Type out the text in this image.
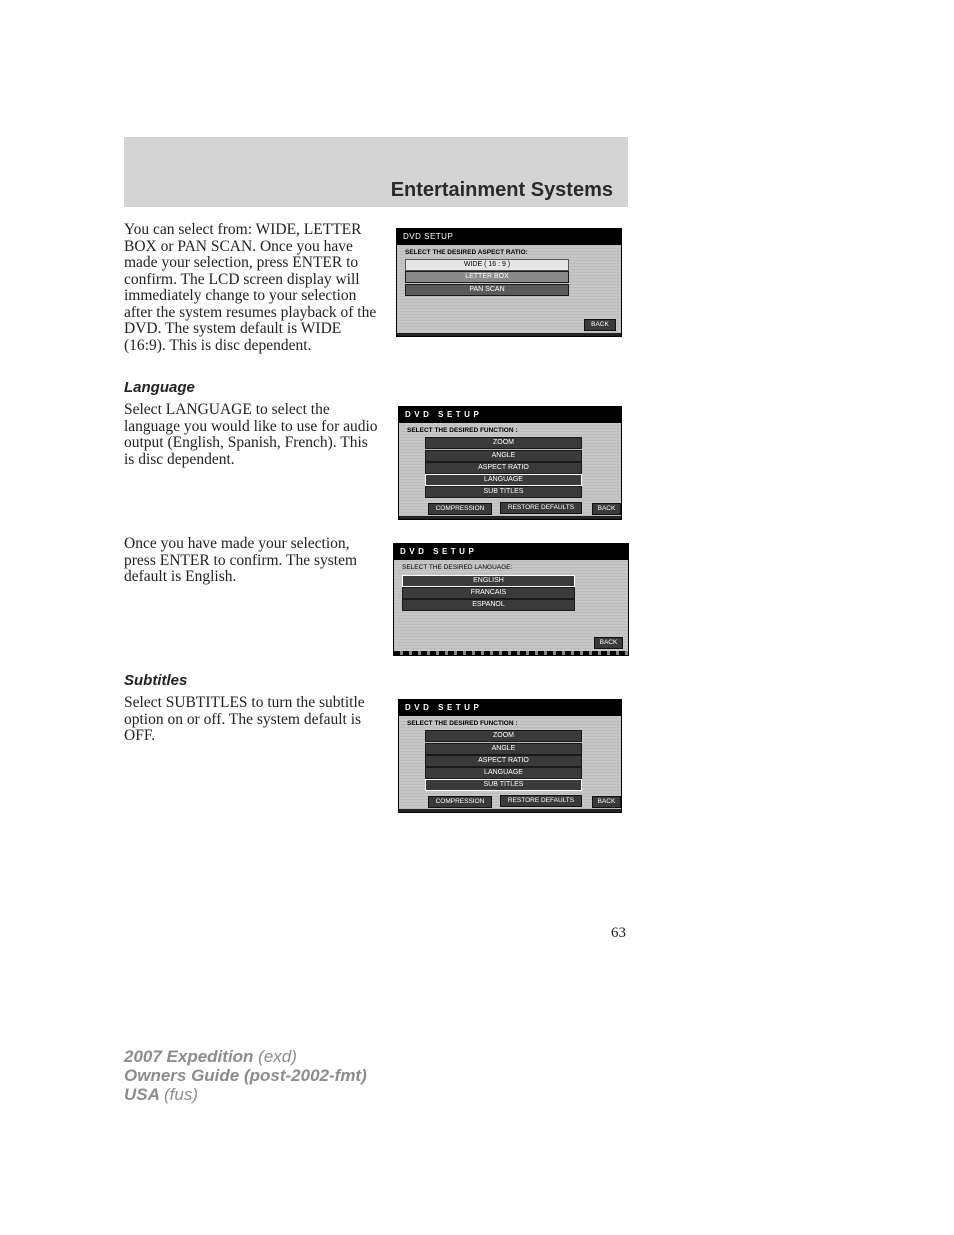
Entertainment Systems
You can select from: WIDE, LETTER BOX or PAN SCAN. Once you have made your selection, press ENTER to confirm. The LCD screen display will immediately change to your selection after the system resumes playback of the DVD. The system default is WIDE (16:9). This is disc dependent.
DVD SETUP
SELECT THE DESIRED ASPECT RATIO:
WIDE ( 16 : 9 )
LETTER BOX
PAN SCAN
BACK
Language
Select LANGUAGE to select the language you would like to use for audio output (English, Spanish, French). This is disc dependent.
DVD SETUP
SELECT THE DESIRED FUNCTION :
ZOOM
ANGLE
ASPECT RATIO
LANGUAGE
SUB TITLES
COMPRESSION	RESTORE DEFAULTS	BACK
Once you have made your selection, press ENTER to confirm. The system default is English.
DVD SETUP
SELECT THE DESIRED LANGUAGE:
ENGLISH
FRANCAIS
ESPANOL
BACK
Subtitles
Select SUBTITLES to turn the subtitle option on or off. The system default is OFF.
DVD SETUP
SELECT THE DESIRED FUNCTION :
ZOOM
ANGLE
ASPECT RATIO
LANGUAGE
SUB TITLES
COMPRESSION	RESTORE DEFAULTS	BACK
63
2007 Expedition (exd)
Owners Guide (post-2002-fmt)
USA (fus)
